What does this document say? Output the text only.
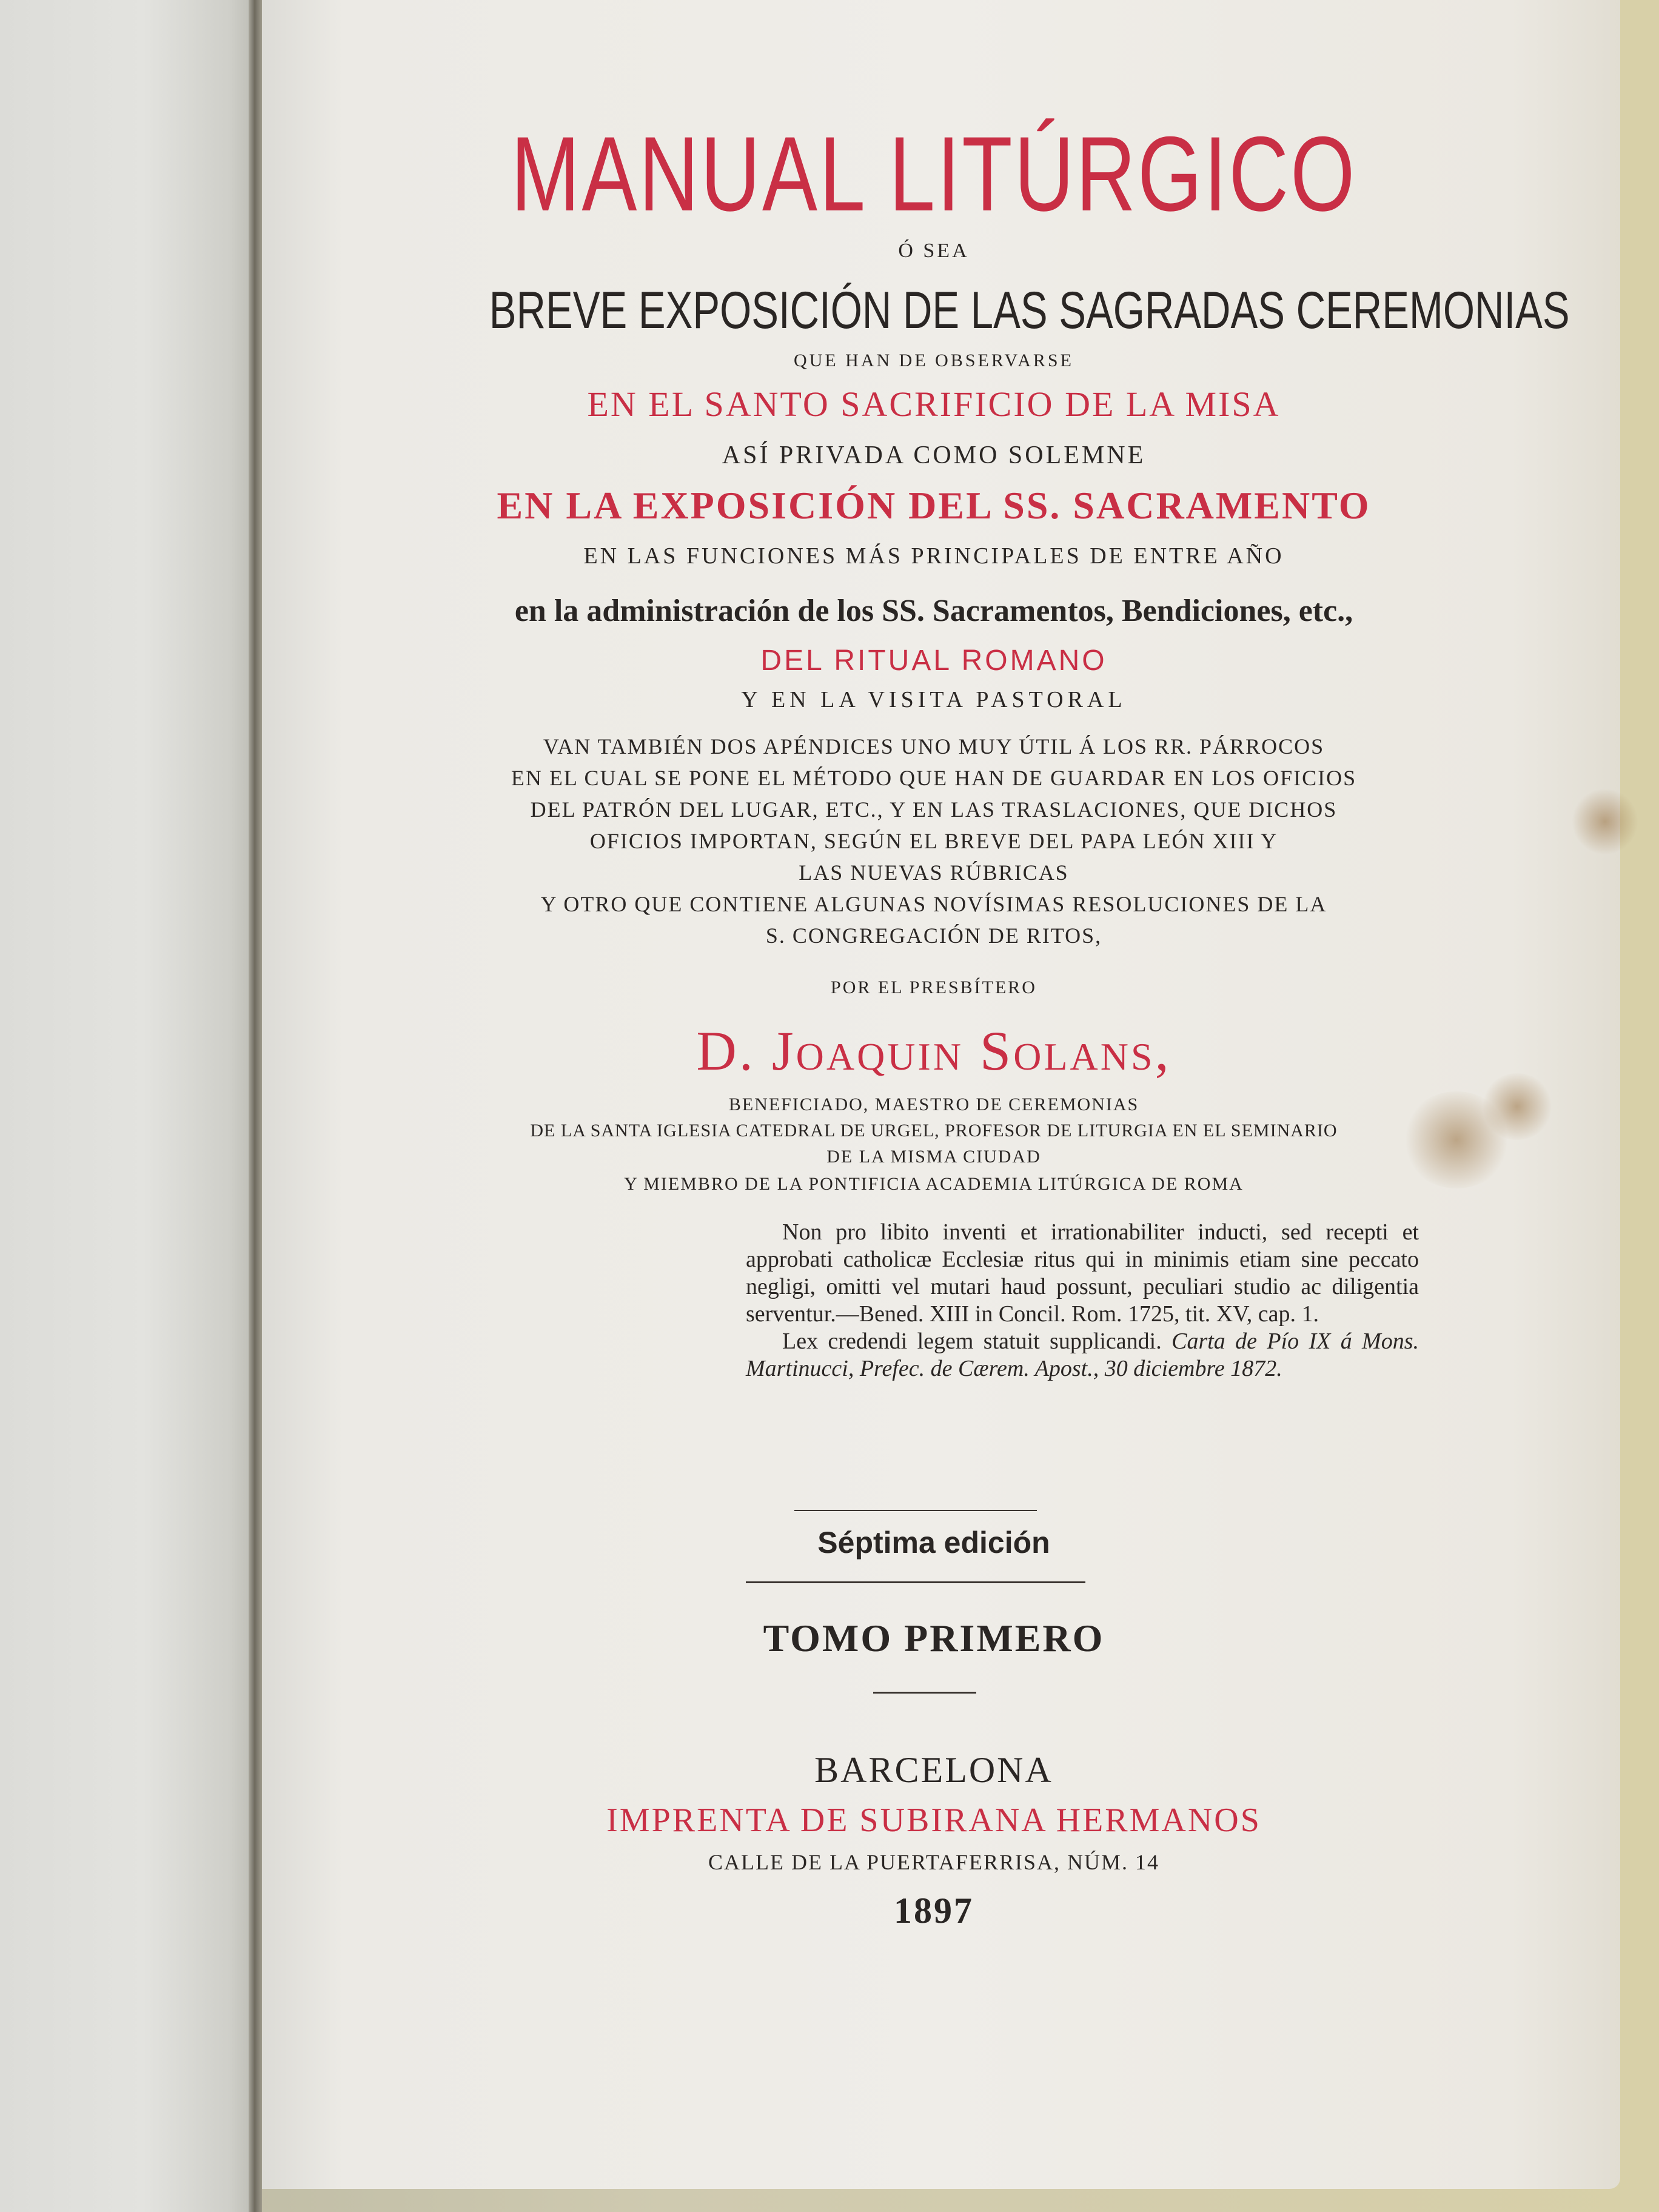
MANUAL LITÚRGICO

Ó SEA

BREVE EXPOSICIÓN DE LAS SAGRADAS CEREMONIAS

QUE HAN DE OBSERVARSE

EN EL SANTO SACRIFICIO DE LA MISA

ASÍ PRIVADA COMO SOLEMNE

EN LA EXPOSICIÓN DEL SS. SACRAMENTO

EN LAS FUNCIONES MÁS PRINCIPALES DE ENTRE AÑO

en la administración de los SS. Sacramentos, Bendiciones, etc.,

DEL RITUAL ROMANO

Y EN LA VISITA PASTORAL

VAN TAMBIÉN DOS APÉNDICES UNO MUY ÚTIL Á LOS RR. PÁRROCOS

EN EL CUAL SE PONE EL MÉTODO QUE HAN DE GUARDAR EN LOS OFICIOS

DEL PATRÓN DEL LUGAR, ETC., Y EN LAS TRASLACIONES, QUE DICHOS

OFICIOS IMPORTAN, SEGÚN EL BREVE DEL PAPA LEÓN XIII Y

LAS NUEVAS RÚBRICAS

Y OTRO QUE CONTIENE ALGUNAS NOVÍSIMAS RESOLUCIONES DE LA

S. CONGREGACIÓN DE RITOS,

POR EL PRESBÍTERO

D. Joaquin Solans,

BENEFICIADO, MAESTRO DE CEREMONIAS

DE LA SANTA IGLESIA CATEDRAL DE URGEL, PROFESOR DE LITURGIA EN EL SEMINARIO

DE LA MISMA CIUDAD

Y MIEMBRO DE LA PONTIFICIA ACADEMIA LITÚRGICA DE ROMA

Non pro libito inventi et irrationabiliter inducti, sed recepti et approbati catholicæ Ecclesiæ ritus qui in minimis etiam sine peccato negligi, omitti vel mutari haud possunt, peculiari studio ac diligentia serventur.—Bened. XIII in Concil. Rom. 1725, tit. XV, cap. 1.

Lex credendi legem statuit supplicandi. Carta de Pío IX á Mons. Martinucci, Prefec. de Cærem. Apost., 30 diciembre 1872.

Séptima edición

TOMO PRIMERO

BARCELONA

IMPRENTA DE SUBIRANA HERMANOS

CALLE DE LA PUERTAFERRISA, NÚM. 14

1897
